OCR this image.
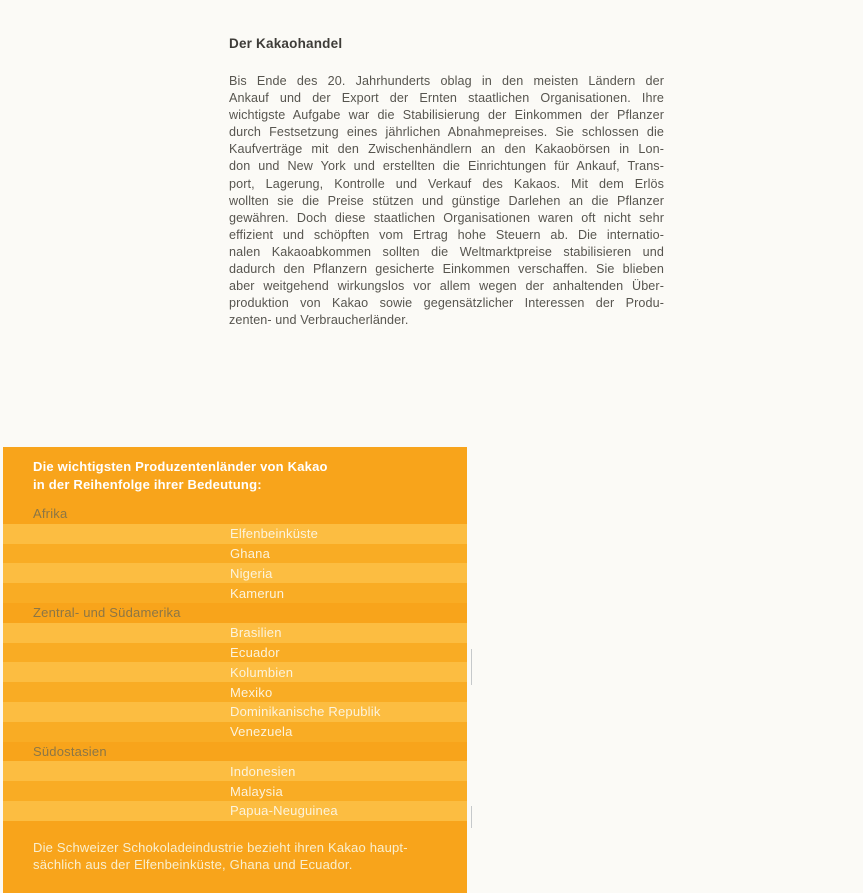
Der Kakaohandel
Bis Ende des 20. Jahrhunderts oblag in den meisten Ländern der
Ankauf und der Export der Ernten staatlichen Organisationen. Ihre
wichtigste Aufgabe war die Stabilisierung der Einkommen der Pflanzer
durch Festsetzung eines jährlichen Abnahmepreises. Sie schlossen die
Kaufverträge mit den Zwischenhändlern an den Kakaobörsen in Lon-
don und New York und erstellten die Einrichtungen für Ankauf, Trans-
port, Lagerung, Kontrolle und Verkauf des Kakaos. Mit dem Erlös
wollten sie die Preise stützen und günstige Darlehen an die Pflanzer
gewähren. Doch diese staatlichen Organisationen waren oft nicht sehr
effizient und schöpften vom Ertrag hohe Steuern ab. Die internatio-
nalen Kakaoabkommen sollten die Weltmarktpreise stabilisieren und
dadurch den Pflanzern gesicherte Einkommen verschaffen. Sie blieben
aber weitgehend wirkungslos vor allem wegen der anhaltenden Über-
produktion von Kakao sowie gegensätzlicher Interessen der Produ-
zenten- und Verbraucherländer.
Die wichtigsten Produzentenländer von Kakao
in der Reihenfolge ihrer Bedeutung:
Afrika
Elfenbeinküste
Ghana
Nigeria
Kamerun
Zentral- und Südamerika
Brasilien
Ecuador
Kolumbien
Mexiko
Dominikanische Republik
Venezuela
Südostasien
Indonesien
Malaysia
Papua-Neuguinea
Die Schweizer Schokoladeindustrie bezieht ihren Kakao haupt-
sächlich aus der Elfenbeinküste, Ghana und Ecuador.
